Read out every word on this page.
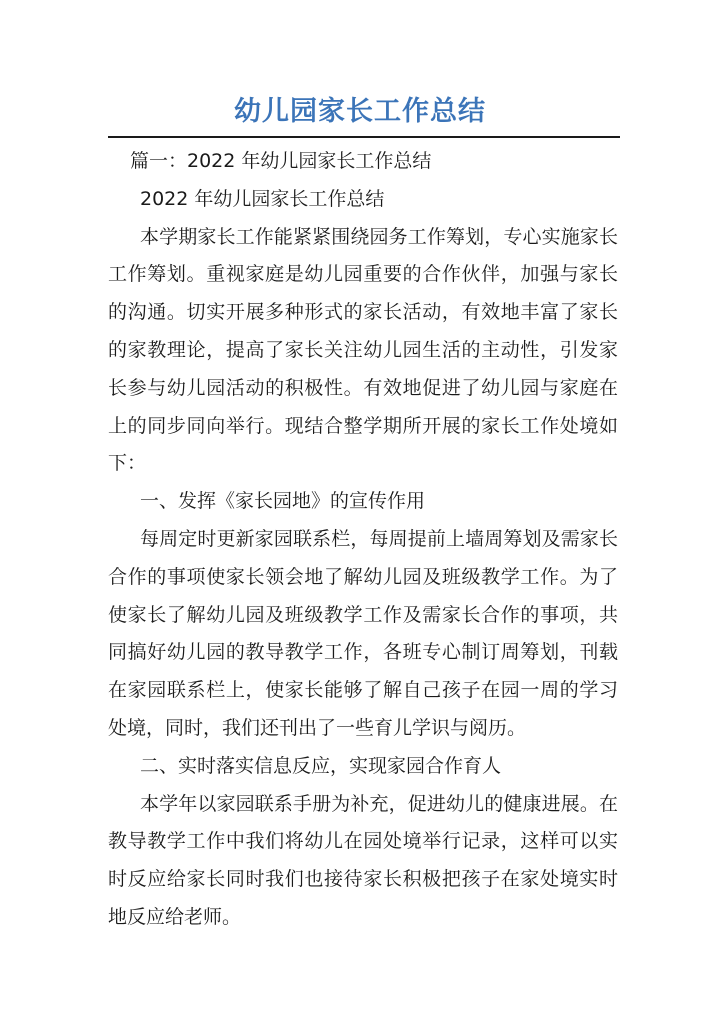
幼儿园家长工作总结

篇一：2022 年幼儿园家长工作总结

2022 年幼儿园家长工作总结

本学期家长工作能紧紧围绕园务工作筹划，专心实施家长工作筹划。重视家庭是幼儿园重要的合作伙伴，加强与家长的沟通。切实开展多种形式的家长活动，有效地丰富了家长的家教理论，提高了家长关注幼儿园生活的主动性，引发家长参与幼儿园活动的积极性。有效地促进了幼儿园与家庭在上的同步同向举行。现结合整学期所开展的家长工作处境如下：

一、发挥《家长园地》的宣传作用

每周定时更新家园联系栏，每周提前上墙周筹划及需家长合作的事项使家长领会地了解幼儿园及班级教学工作。为了使家长了解幼儿园及班级教学工作及需家长合作的事项，共同搞好幼儿园的教导教学工作，各班专心制订周筹划，刊载在家园联系栏上，使家长能够了解自己孩子在园一周的学习处境，同时，我们还刊出了一些育儿学识与阅历。

二、实时落实信息反应，实现家园合作育人

本学年以家园联系手册为补充，促进幼儿的健康进展。在教导教学工作中我们将幼儿在园处境举行记录，这样可以实时反应给家长同时我们也接待家长积极把孩子在家处境实时地反应给老师。
